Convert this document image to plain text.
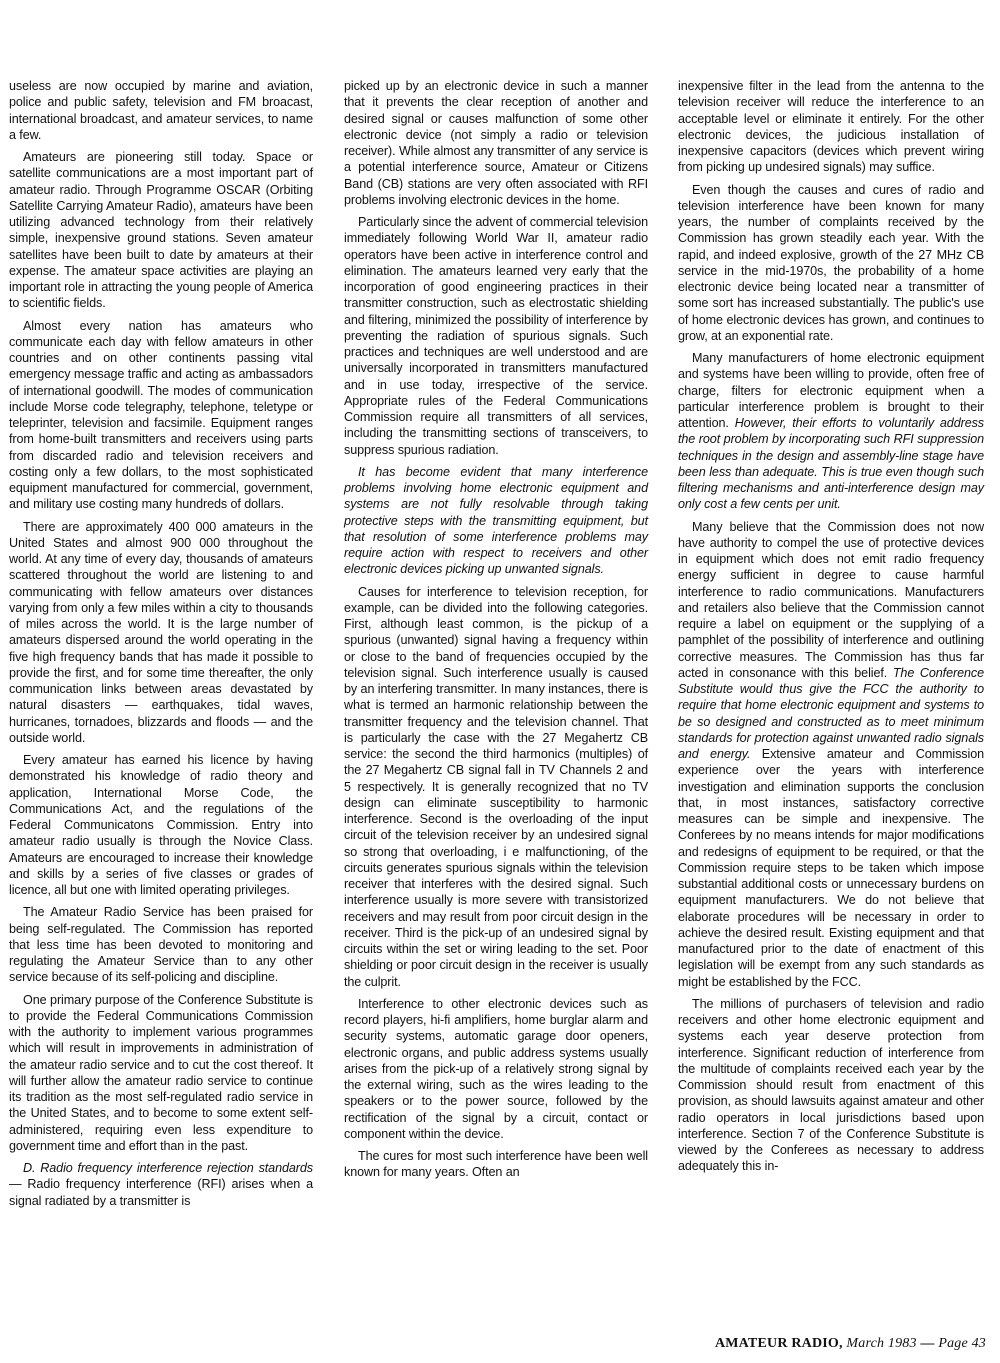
useless are now occupied by marine and aviation, police and public safety, television and FM broacast, international broadcast, and amateur services, to name a few.

Amateurs are pioneering still today. Space or satellite communications are a most important part of amateur radio. Through Programme OSCAR (Orbiting Satellite Carrying Amateur Radio), amateurs have been utilizing advanced technology from their relatively simple, inexpensive ground stations. Seven amateur satellites have been built to date by amateurs at their expense. The amateur space activities are playing an important role in attracting the young people of America to scientific fields.

Almost every nation has amateurs who communicate each day with fellow amateurs in other countries and on other continents passing vital emergency message traffic and acting as ambassadors of international goodwill. The modes of communication include Morse code telegraphy, telephone, teletype or teleprinter, television and facsimile. Equipment ranges from home-built transmitters and receivers using parts from discarded radio and television receivers and costing only a few dollars, to the most sophisticated equipment manufactured for commercial, government, and military use costing many hundreds of dollars.

There are approximately 400 000 amateurs in the United States and almost 900 000 throughout the world. At any time of every day, thousands of amateurs scattered throughout the world are listening to and communicating with fellow amateurs over distances varying from only a few miles within a city to thousands of miles across the world. It is the large number of amateurs dispersed around the world operating in the five high frequency bands that has made it possible to provide the first, and for some time thereafter, the only communication links between areas devastated by natural disasters — earthquakes, tidal waves, hurricanes, tornadoes, blizzards and floods — and the outside world.

Every amateur has earned his licence by having demonstrated his knowledge of radio theory and application, International Morse Code, the Communications Act, and the regulations of the Federal Communicatons Commission. Entry into amateur radio usually is through the Novice Class. Amateurs are encouraged to increase their knowledge and skills by a series of five classes or grades of licence, all but one with limited operating privileges.

The Amateur Radio Service has been praised for being self-regulated. The Commission has reported that less time has been devoted to monitoring and regulating the Amateur Service than to any other service because of its self-policing and discipline.

One primary purpose of the Conference Substitute is to provide the Federal Communications Commission with the authority to implement various programmes which will result in improvements in administration of the amateur radio service and to cut the cost thereof. It will further allow the amateur radio service to continue its tradition as the most self-regulated radio service in the United States, and to become to some extent self-administered, requiring even less expenditure to government time and effort than in the past.

D. Radio frequency interference rejection standards — Radio frequency interference (RFI) arises when a signal radiated by a transmitter is

picked up by an electronic device in such a manner that it prevents the clear reception of another and desired signal or causes malfunction of some other electronic device (not simply a radio or television receiver). While almost any transmitter of any service is a potential interference source, Amateur or Citizens Band (CB) stations are very often associated with RFI problems involving electronic devices in the home.

Particularly since the advent of commercial television immediately following World War II, amateur radio operators have been active in interference control and elimination. The amateurs learned very early that the incorporation of good engineering practices in their transmitter construction, such as electrostatic shielding and filtering, minimized the possibility of interference by preventing the radiation of spurious signals. Such practices and techniques are well understood and are universally incorporated in transmitters manufactured and in use today, irrespective of the service. Appropriate rules of the Federal Communications Commission require all transmitters of all services, including the transmitting sections of transceivers, to suppress spurious radiation.

It has become evident that many interference problems involving home electronic equipment and systems are not fully resolvable through taking protective steps with the transmitting equipment, but that resolution of some interference problems may require action with respect to receivers and other electronic devices picking up unwanted signals.

Causes for interference to television reception, for example, can be divided into the following categories. First, although least common, is the pickup of a spurious (unwanted) signal having a frequency within or close to the band of frequencies occupied by the television signal. Such interference usually is caused by an interfering transmitter. In many instances, there is what is termed an harmonic relationship between the transmitter frequency and the television channel. That is particularly the case with the 27 Megahertz CB service: the second the third harmonics (multiples) of the 27 Megahertz CB signal fall in TV Channels 2 and 5 respectively. It is generally recognized that no TV design can eliminate susceptibility to harmonic interference. Second is the overloading of the input circuit of the television receiver by an undesired signal so strong that overloading, i e malfunctioning, of the circuits generates spurious signals within the television receiver that interferes with the desired signal. Such interference usually is more severe with transistorized receivers and may result from poor circuit design in the receiver. Third is the pick-up of an undesired signal by circuits within the set or wiring leading to the set. Poor shielding or poor circuit design in the receiver is usually the culprit.

Interference to other electronic devices such as record players, hi-fi amplifiers, home burglar alarm and security systems, automatic garage door openers, electronic organs, and public address systems usually arises from the pick-up of a relatively strong signal by the external wiring, such as the wires leading to the speakers or to the power source, followed by the rectification of the signal by a circuit, contact or component within the device.

The cures for most such interference have been well known for many years. Often an

inexpensive filter in the lead from the antenna to the television receiver will reduce the interference to an acceptable level or eliminate it entirely. For the other electronic devices, the judicious installation of inexpensive capacitors (devices which prevent wiring from picking up undesired signals) may suffice.

Even though the causes and cures of radio and television interference have been known for many years, the number of complaints received by the Commission has grown steadily each year. With the rapid, and indeed explosive, growth of the 27 MHz CB service in the mid-1970s, the probability of a home electronic device being located near a transmitter of some sort has increased substantially. The public's use of home electronic devices has grown, and continues to grow, at an exponential rate.

Many manufacturers of home electronic equipment and systems have been willing to provide, often free of charge, filters for electronic equipment when a particular interference problem is brought to their attention. However, their efforts to voluntarily address the root problem by incorporating such RFI suppression techniques in the design and assembly-line stage have been less than adequate. This is true even though such filtering mechanisms and anti-interference design may only cost a few cents per unit.

Many believe that the Commission does not now have authority to compel the use of protective devices in equipment which does not emit radio frequency energy sufficient in degree to cause harmful interference to radio communications. Manufacturers and retailers also believe that the Commission cannot require a label on equipment or the supplying of a pamphlet of the possibility of interference and outlining corrective measures. The Commission has thus far acted in consonance with this belief. The Conference Substitute would thus give the FCC the authority to require that home electronic equipment and systems to be so designed and constructed as to meet minimum standards for protection against unwanted radio signals and energy. Extensive amateur and Commission experience over the years with interference investigation and elimination supports the conclusion that, in most instances, satisfactory corrective measures can be simple and inexpensive. The Conferees by no means intends for major modifications and redesigns of equipment to be required, or that the Commission require steps to be taken which impose substantial additional costs or unnecessary burdens on equipment manufacturers. We do not believe that elaborate procedures will be necessary in order to achieve the desired result. Existing equipment and that manufactured prior to the date of enactment of this legislation will be exempt from any such standards as might be established by the FCC.

The millions of purchasers of television and radio receivers and other home electronic equipment and systems each year deserve protection from interference. Significant reduction of interference from the multitude of complaints received each year by the Commission should result from enactment of this provision, as should lawsuits against amateur and other radio operators in local jurisdictions based upon interference. Section 7 of the Conference Substitute is viewed by the Conferees as necessary to address adequately this in-

AMATEUR RADIO, March 1983 — Page 43
